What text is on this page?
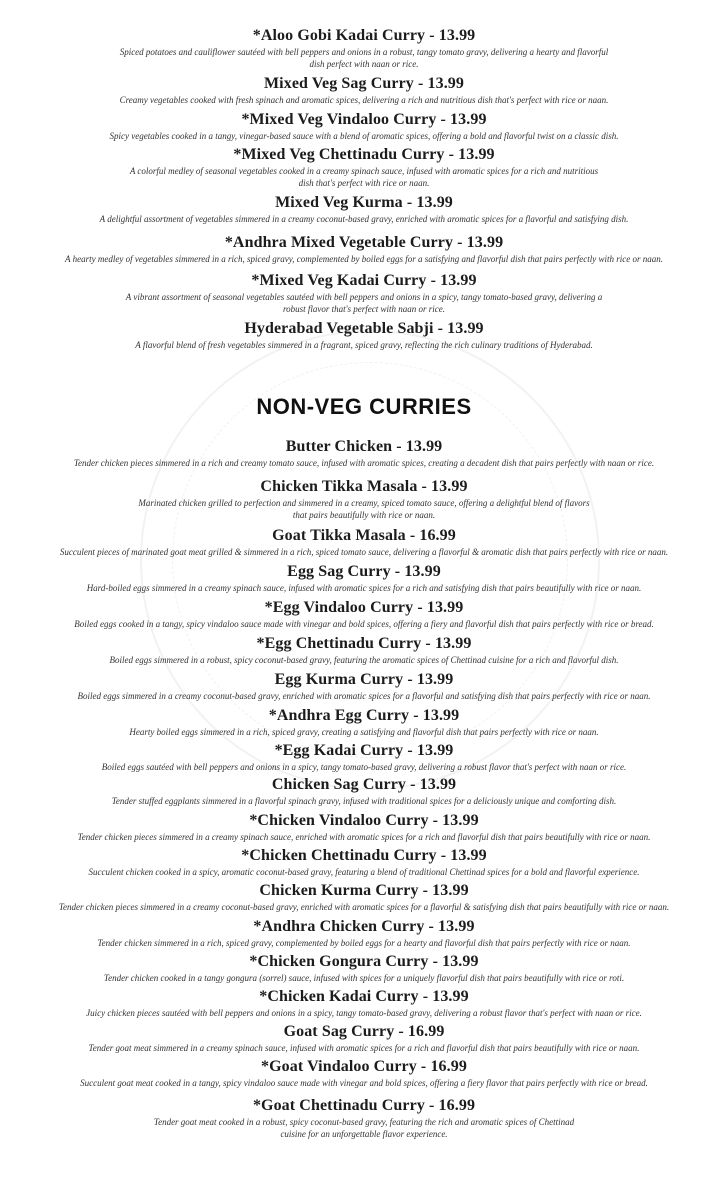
*Aloo Gobi Kadai Curry - 13.99
Spiced potatoes and cauliflower sautéed with bell peppers and onions in a robust, tangy tomato gravy, delivering a hearty and flavorful dish perfect with naan or rice.
Mixed Veg Sag Curry - 13.99
Creamy vegetables cooked with fresh spinach and aromatic spices, delivering a rich and nutritious dish that's perfect with rice or naan.
*Mixed Veg Vindaloo Curry - 13.99
Spicy vegetables cooked in a tangy, vinegar-based sauce with a blend of aromatic spices, offering a bold and flavorful twist on a classic dish.
*Mixed Veg Chettinadu Curry - 13.99
A colorful medley of seasonal vegetables cooked in a creamy spinach sauce, infused with aromatic spices for a rich and nutritious dish that's perfect with rice or naan.
Mixed Veg Kurma - 13.99
A delightful assortment of vegetables simmered in a creamy coconut-based gravy, enriched with aromatic spices for a flavorful and satisfying dish.
*Andhra Mixed Vegetable Curry - 13.99
A hearty medley of vegetables simmered in a rich, spiced gravy, complemented by boiled eggs for a satisfying and flavorful dish that pairs perfectly with rice or naan.
*Mixed Veg Kadai Curry - 13.99
A vibrant assortment of seasonal vegetables sautéed with bell peppers and onions in a spicy, tangy tomato-based gravy, delivering a robust flavor that's perfect with naan or rice.
Hyderabad Vegetable Sabji - 13.99
A flavorful blend of fresh vegetables simmered in a fragrant, spiced gravy, reflecting the rich culinary traditions of Hyderabad.
NON-VEG CURRIES
Butter Chicken - 13.99
Tender chicken pieces simmered in a rich and creamy tomato sauce, infused with aromatic spices, creating a decadent dish that pairs perfectly with naan or rice.
Chicken Tikka Masala - 13.99
Marinated chicken grilled to perfection and simmered in a creamy, spiced tomato sauce, offering a delightful blend of flavors that pairs beautifully with rice or naan.
Goat Tikka Masala - 16.99
Succulent pieces of marinated goat meat grilled & simmered in a rich, spiced tomato sauce, delivering a flavorful & aromatic dish that pairs perfectly with rice or naan.
Egg Sag Curry - 13.99
Hard-boiled eggs simmered in a creamy spinach sauce, infused with aromatic spices for a rich and satisfying dish that pairs beautifully with rice or naan.
*Egg Vindaloo Curry - 13.99
Boiled eggs cooked in a tangy, spicy vindaloo sauce made with vinegar and bold spices, offering a fiery and flavorful dish that pairs perfectly with rice or bread.
*Egg Chettinadu Curry - 13.99
Boiled eggs simmered in a robust, spicy coconut-based gravy, featuring the aromatic spices of Chettinad cuisine for a rich and flavorful dish.
Egg Kurma Curry - 13.99
Boiled eggs simmered in a creamy coconut-based gravy, enriched with aromatic spices for a flavorful and satisfying dish that pairs perfectly with rice or naan.
*Andhra Egg Curry - 13.99
Hearty boiled eggs simmered in a rich, spiced gravy, creating a satisfying and flavorful dish that pairs perfectly with rice or naan.
*Egg Kadai Curry - 13.99
Boiled eggs sautéed with bell peppers and onions in a spicy, tangy tomato-based gravy, delivering a robust flavor that's perfect with naan or rice.
Chicken Sag Curry - 13.99
Tender stuffed eggplants simmered in a flavorful spinach gravy, infused with traditional spices for a deliciously unique and comforting dish.
*Chicken Vindaloo Curry - 13.99
Tender chicken pieces simmered in a creamy spinach sauce, enriched with aromatic spices for a rich and flavorful dish that pairs beautifully with rice or naan.
*Chicken Chettinadu Curry - 13.99
Succulent chicken cooked in a spicy, aromatic coconut-based gravy, featuring a blend of traditional Chettinad spices for a bold and flavorful experience.
Chicken Kurma Curry - 13.99
Tender chicken pieces simmered in a creamy coconut-based gravy, enriched with aromatic spices for a flavorful & satisfying dish that pairs beautifully with rice or naan.
*Andhra Chicken Curry - 13.99
Tender chicken simmered in a rich, spiced gravy, complemented by boiled eggs for a hearty and flavorful dish that pairs perfectly with rice or naan.
*Chicken Gongura Curry - 13.99
Tender chicken cooked in a tangy gongura (sorrel) sauce, infused with spices for a uniquely flavorful dish that pairs beautifully with rice or roti.
*Chicken Kadai Curry - 13.99
Juicy chicken pieces sautéed with bell peppers and onions in a spicy, tangy tomato-based gravy, delivering a robust flavor that's perfect with naan or rice.
Goat Sag Curry - 16.99
Tender goat meat simmered in a creamy spinach sauce, infused with aromatic spices for a rich and flavorful dish that pairs beautifully with rice or naan.
*Goat Vindaloo Curry - 16.99
Succulent goat meat cooked in a tangy, spicy vindaloo sauce made with vinegar and bold spices, offering a fiery flavor that pairs perfectly with rice or bread.
*Goat Chettinadu Curry - 16.99
Tender goat meat cooked in a robust, spicy coconut-based gravy, featuring the rich and aromatic spices of Chettinad cuisine for an unforgettable flavor experience.
